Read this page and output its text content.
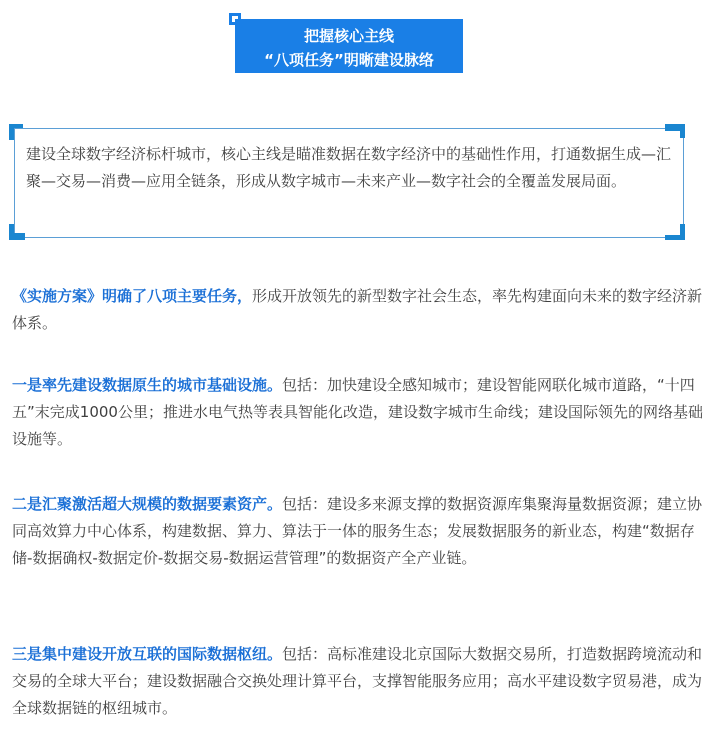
把握核心主线
“八项任务”明晰建设脉络
建设全球数字经济标杆城市，核心主线是瞄准数据在数字经济中的基础性作用，打通数据生成—汇聚—交易—消费—应用全链条，形成从数字城市—未来产业—数字社会的全覆盖发展局面。
《实施方案》明确了八项主要任务，形成开放领先的新型数字社会生态，率先构建面向未来的数字经济新体系。
一是率先建设数据原生的城市基础设施。包括：加快建设全感知城市；建设智能网联化城市道路，“十四五”末完成1000公里；推进水电气热等表具智能化改造，建设数字城市生命线；建设国际领先的网络基础设施等。
二是汇聚激活超大规模的数据要素资产。包括：建设多来源支撑的数据资源库集聚海量数据资源；建立协同高效算力中心体系，构建数据、算力、算法于一体的服务生态；发展数据服务的新业态，构建“数据存储-数据确权-数据定价-数据交易-数据运营管理”的数据资产全产业链。
三是集中建设开放互联的国际数据枢纽。包括：高标准建设北京国际大数据交易所，打造数据跨境流动和交易的全球大平台；建设数据融合交换处理计算平台，支撑智能服务应用；高水平建设数字贸易港，成为全球数据链的枢纽城市。
